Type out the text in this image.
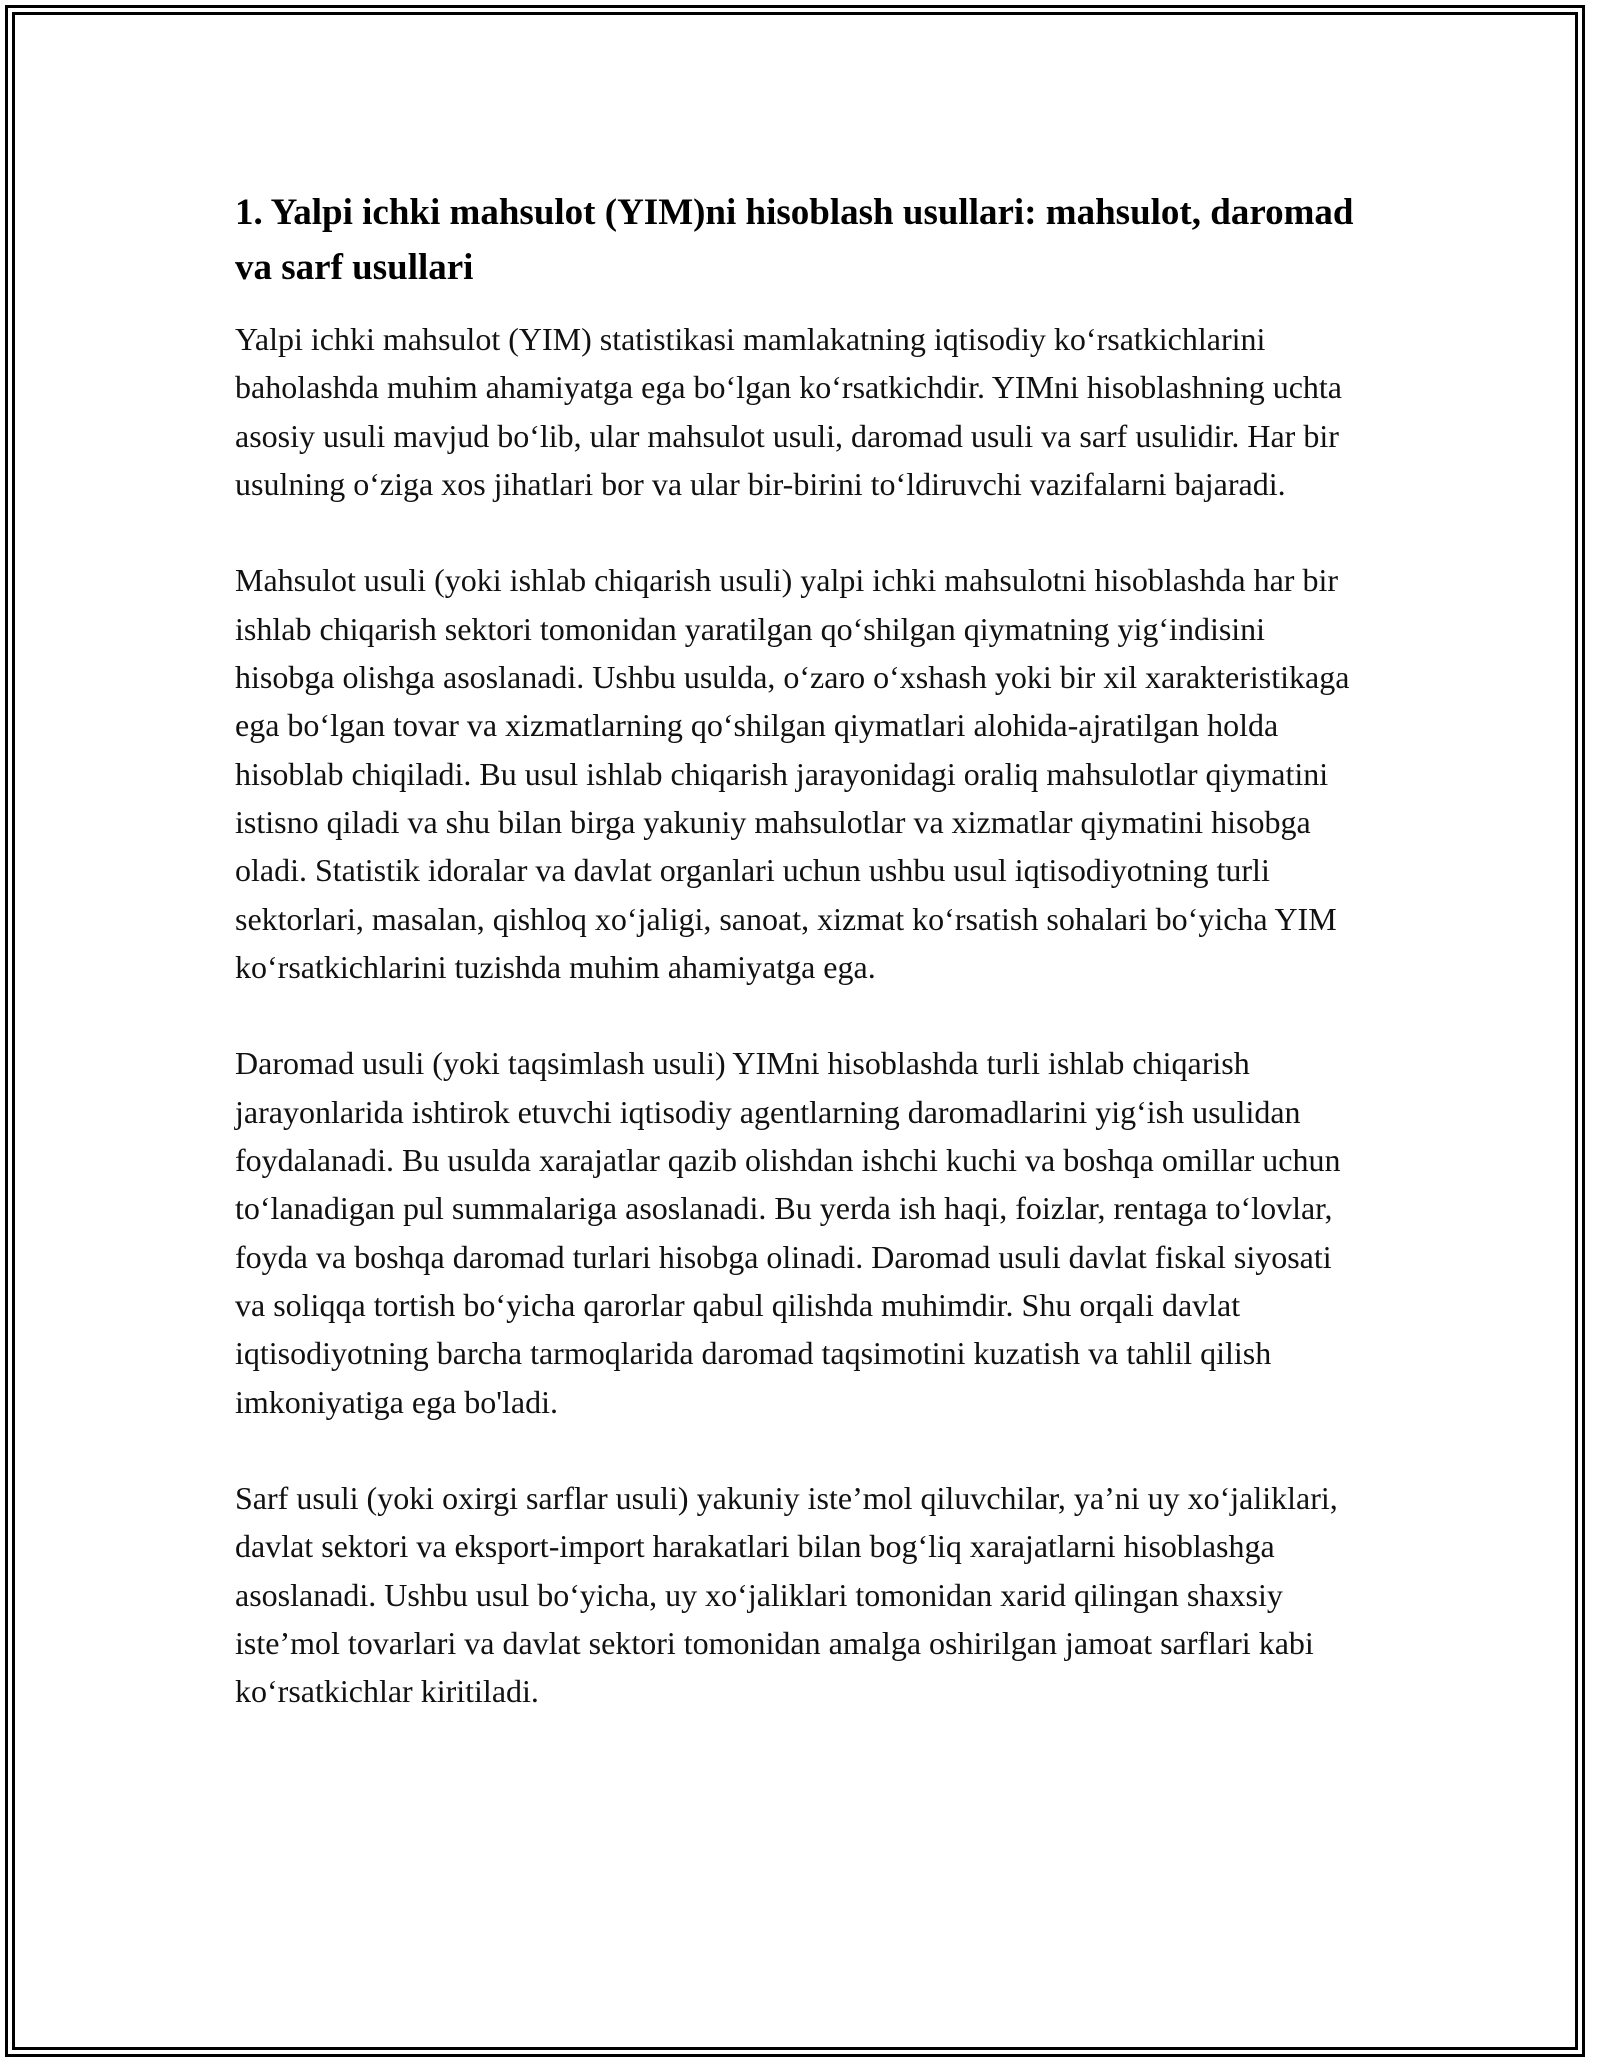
1. Yalpi ichki mahsulot (YIM)ni hisoblash usullari: mahsulot, daromad va sarf usullari

Yalpi ichki mahsulot (YIM) statistikasi mamlakatning iqtisodiy koʻrsatkichlarini baholashda muhim ahamiyatga ega boʻlgan koʻrsatkichdir. YIMni hisoblashning uchta asosiy usuli mavjud boʻlib, ular mahsulot usuli, daromad usuli va sarf usulidir. Har bir usulning oʻziga xos jihatlari bor va ular bir-birini toʻldiruvchi vazifalarni bajaradi.

Mahsulot usuli (yoki ishlab chiqarish usuli) yalpi ichki mahsulotni hisoblashda har bir ishlab chiqarish sektori tomonidan yaratilgan qoʻshilgan qiymatning yigʻindisini hisobga olishga asoslanadi. Ushbu usulda, oʻzaro oʻxshash yoki bir xil xarakteristikaga ega boʻlgan tovar va xizmatlarning qoʻshilgan qiymatlari alohida-ajratilgan holda hisoblab chiqiladi. Bu usul ishlab chiqarish jarayonidagi oraliq mahsulotlar qiymatini istisno qiladi va shu bilan birga yakuniy mahsulotlar va xizmatlar qiymatini hisobga oladi. Statistik idoralar va davlat organlari uchun ushbu usul iqtisodiyotning turli sektorlari, masalan, qishloq xoʻjaligi, sanoat, xizmat koʻrsatish sohalari boʻyicha YIM koʻrsatkichlarini tuzishda muhim ahamiyatga ega.

Daromad usuli (yoki taqsimlash usuli) YIMni hisoblashda turli ishlab chiqarish jarayonlarida ishtirok etuvchi iqtisodiy agentlarning daromadlarini yigʻish usulidan foydalanadi. Bu usulda xarajatlar qazib olishdan ishchi kuchi va boshqa omillar uchun toʻlanadigan pul summalariga asoslanadi. Bu yerda ish haqi, foizlar, rentaga toʻlovlar, foyda va boshqa daromad turlari hisobga olinadi. Daromad usuli davlat fiskal siyosati va soliqqa tortish boʻyicha qarorlar qabul qilishda muhimdir. Shu orqali davlat iqtisodiyotning barcha tarmoqlarida daromad taqsimotini kuzatish va tahlil qilish imkoniyatiga ega bo'ladi.

Sarf usuli (yoki oxirgi sarflar usuli) yakuniy isteʼmol qiluvchilar, yaʼni uy xoʻjaliklari, davlat sektori va eksport-import harakatlari bilan bogʻliq xarajatlarni hisoblashga asoslanadi. Ushbu usul boʻyicha, uy xoʻjaliklari tomonidan xarid qilingan shaxsiy isteʼmol tovarlari va davlat sektori tomonidan amalga oshirilgan jamoat sarflari kabi koʻrsatkichlar kiritiladi.
